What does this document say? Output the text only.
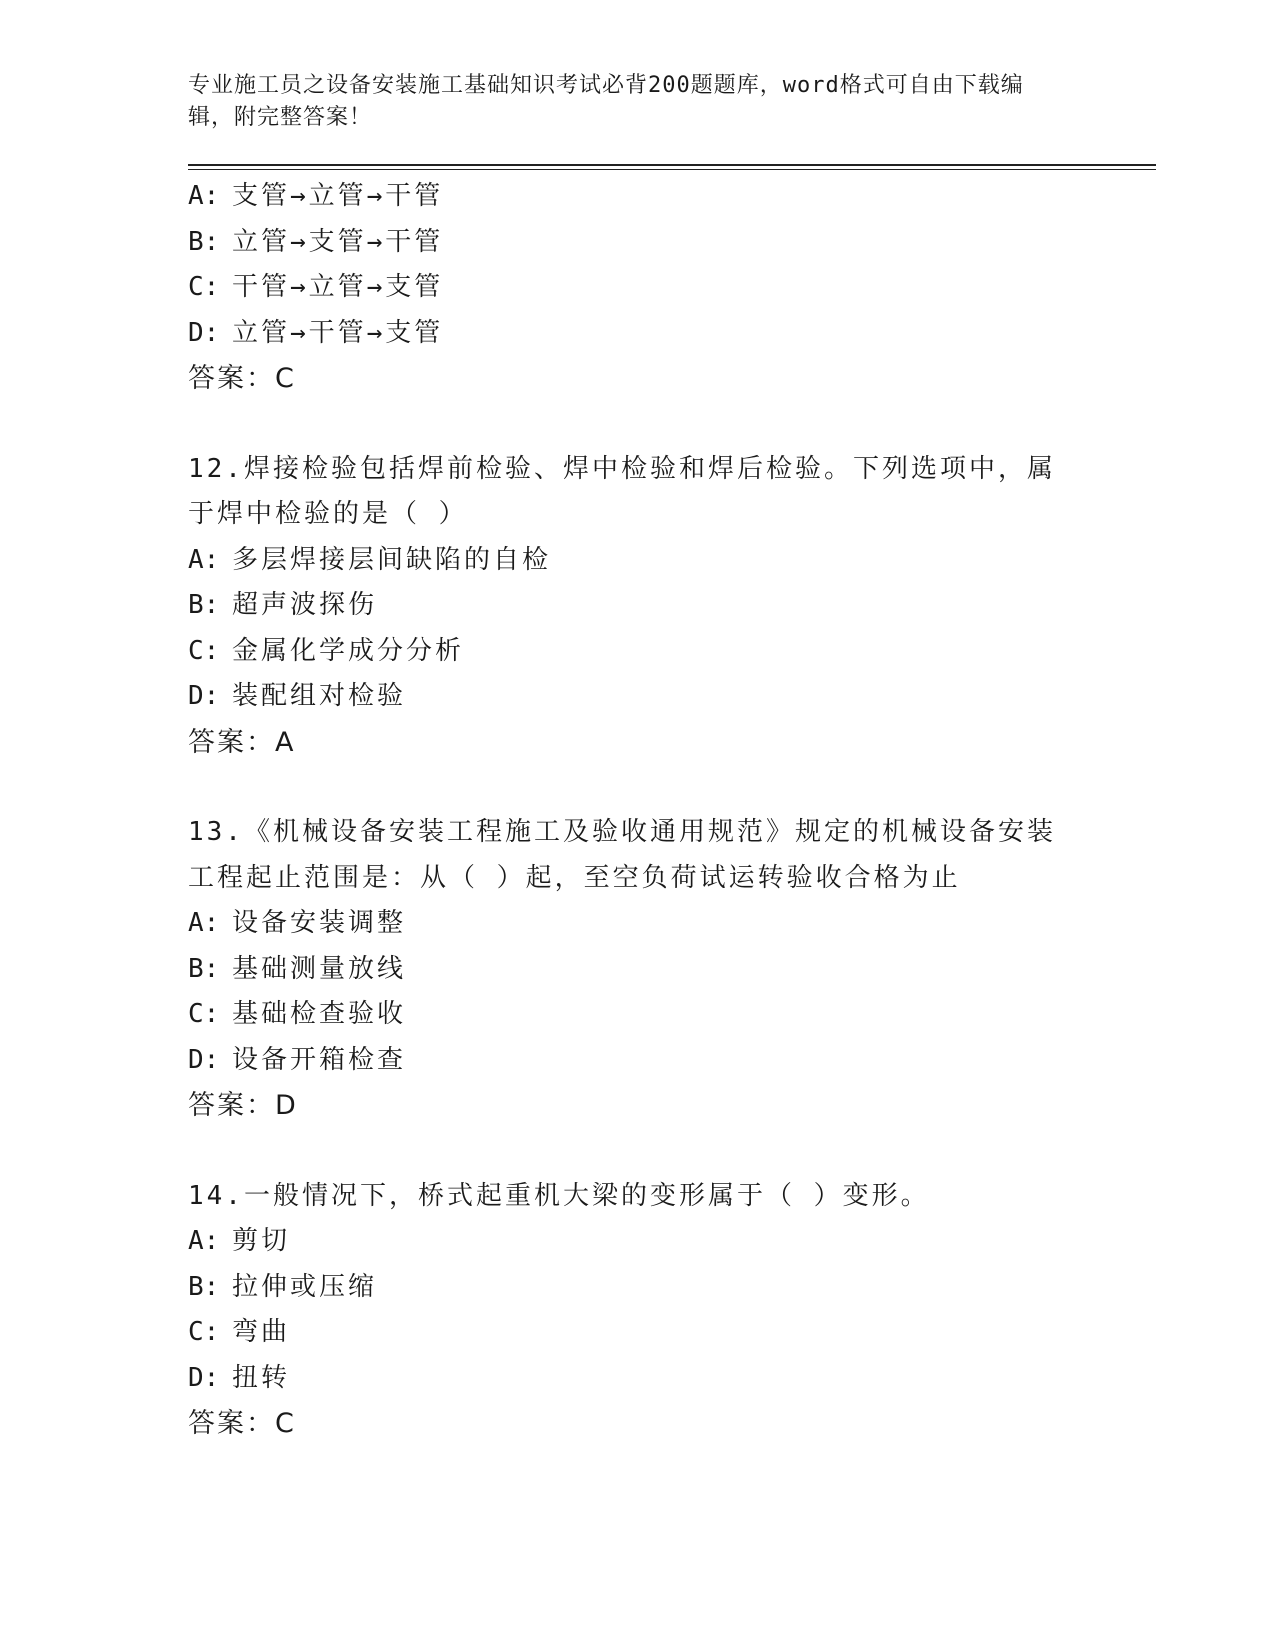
专业施工员之设备安装施工基础知识考试必背200题题库，word格式可自由下载编辑，附完整答案！

A: 支管→立管→干管
B: 立管→支管→干管
C: 干管→立管→支管
D: 立管→干管→支管
答案：C
12.焊接检验包括焊前检验、焊中检验和焊后检验。下列选项中，属于焊中检验的是（ ）
A: 多层焊接层间缺陷的自检
B: 超声波探伤
C: 金属化学成分分析
D: 装配组对检验
答案：A
13.《机械设备安装工程施工及验收通用规范》规定的机械设备安装工程起止范围是：从（ ）起，至空负荷试运转验收合格为止
A: 设备安装调整
B: 基础测量放线
C: 基础检查验收
D: 设备开箱检查
答案：D
14.一般情况下，桥式起重机大梁的变形属于（ ）变形。
A: 剪切
B: 拉伸或压缩
C: 弯曲
D: 扭转
答案：C
